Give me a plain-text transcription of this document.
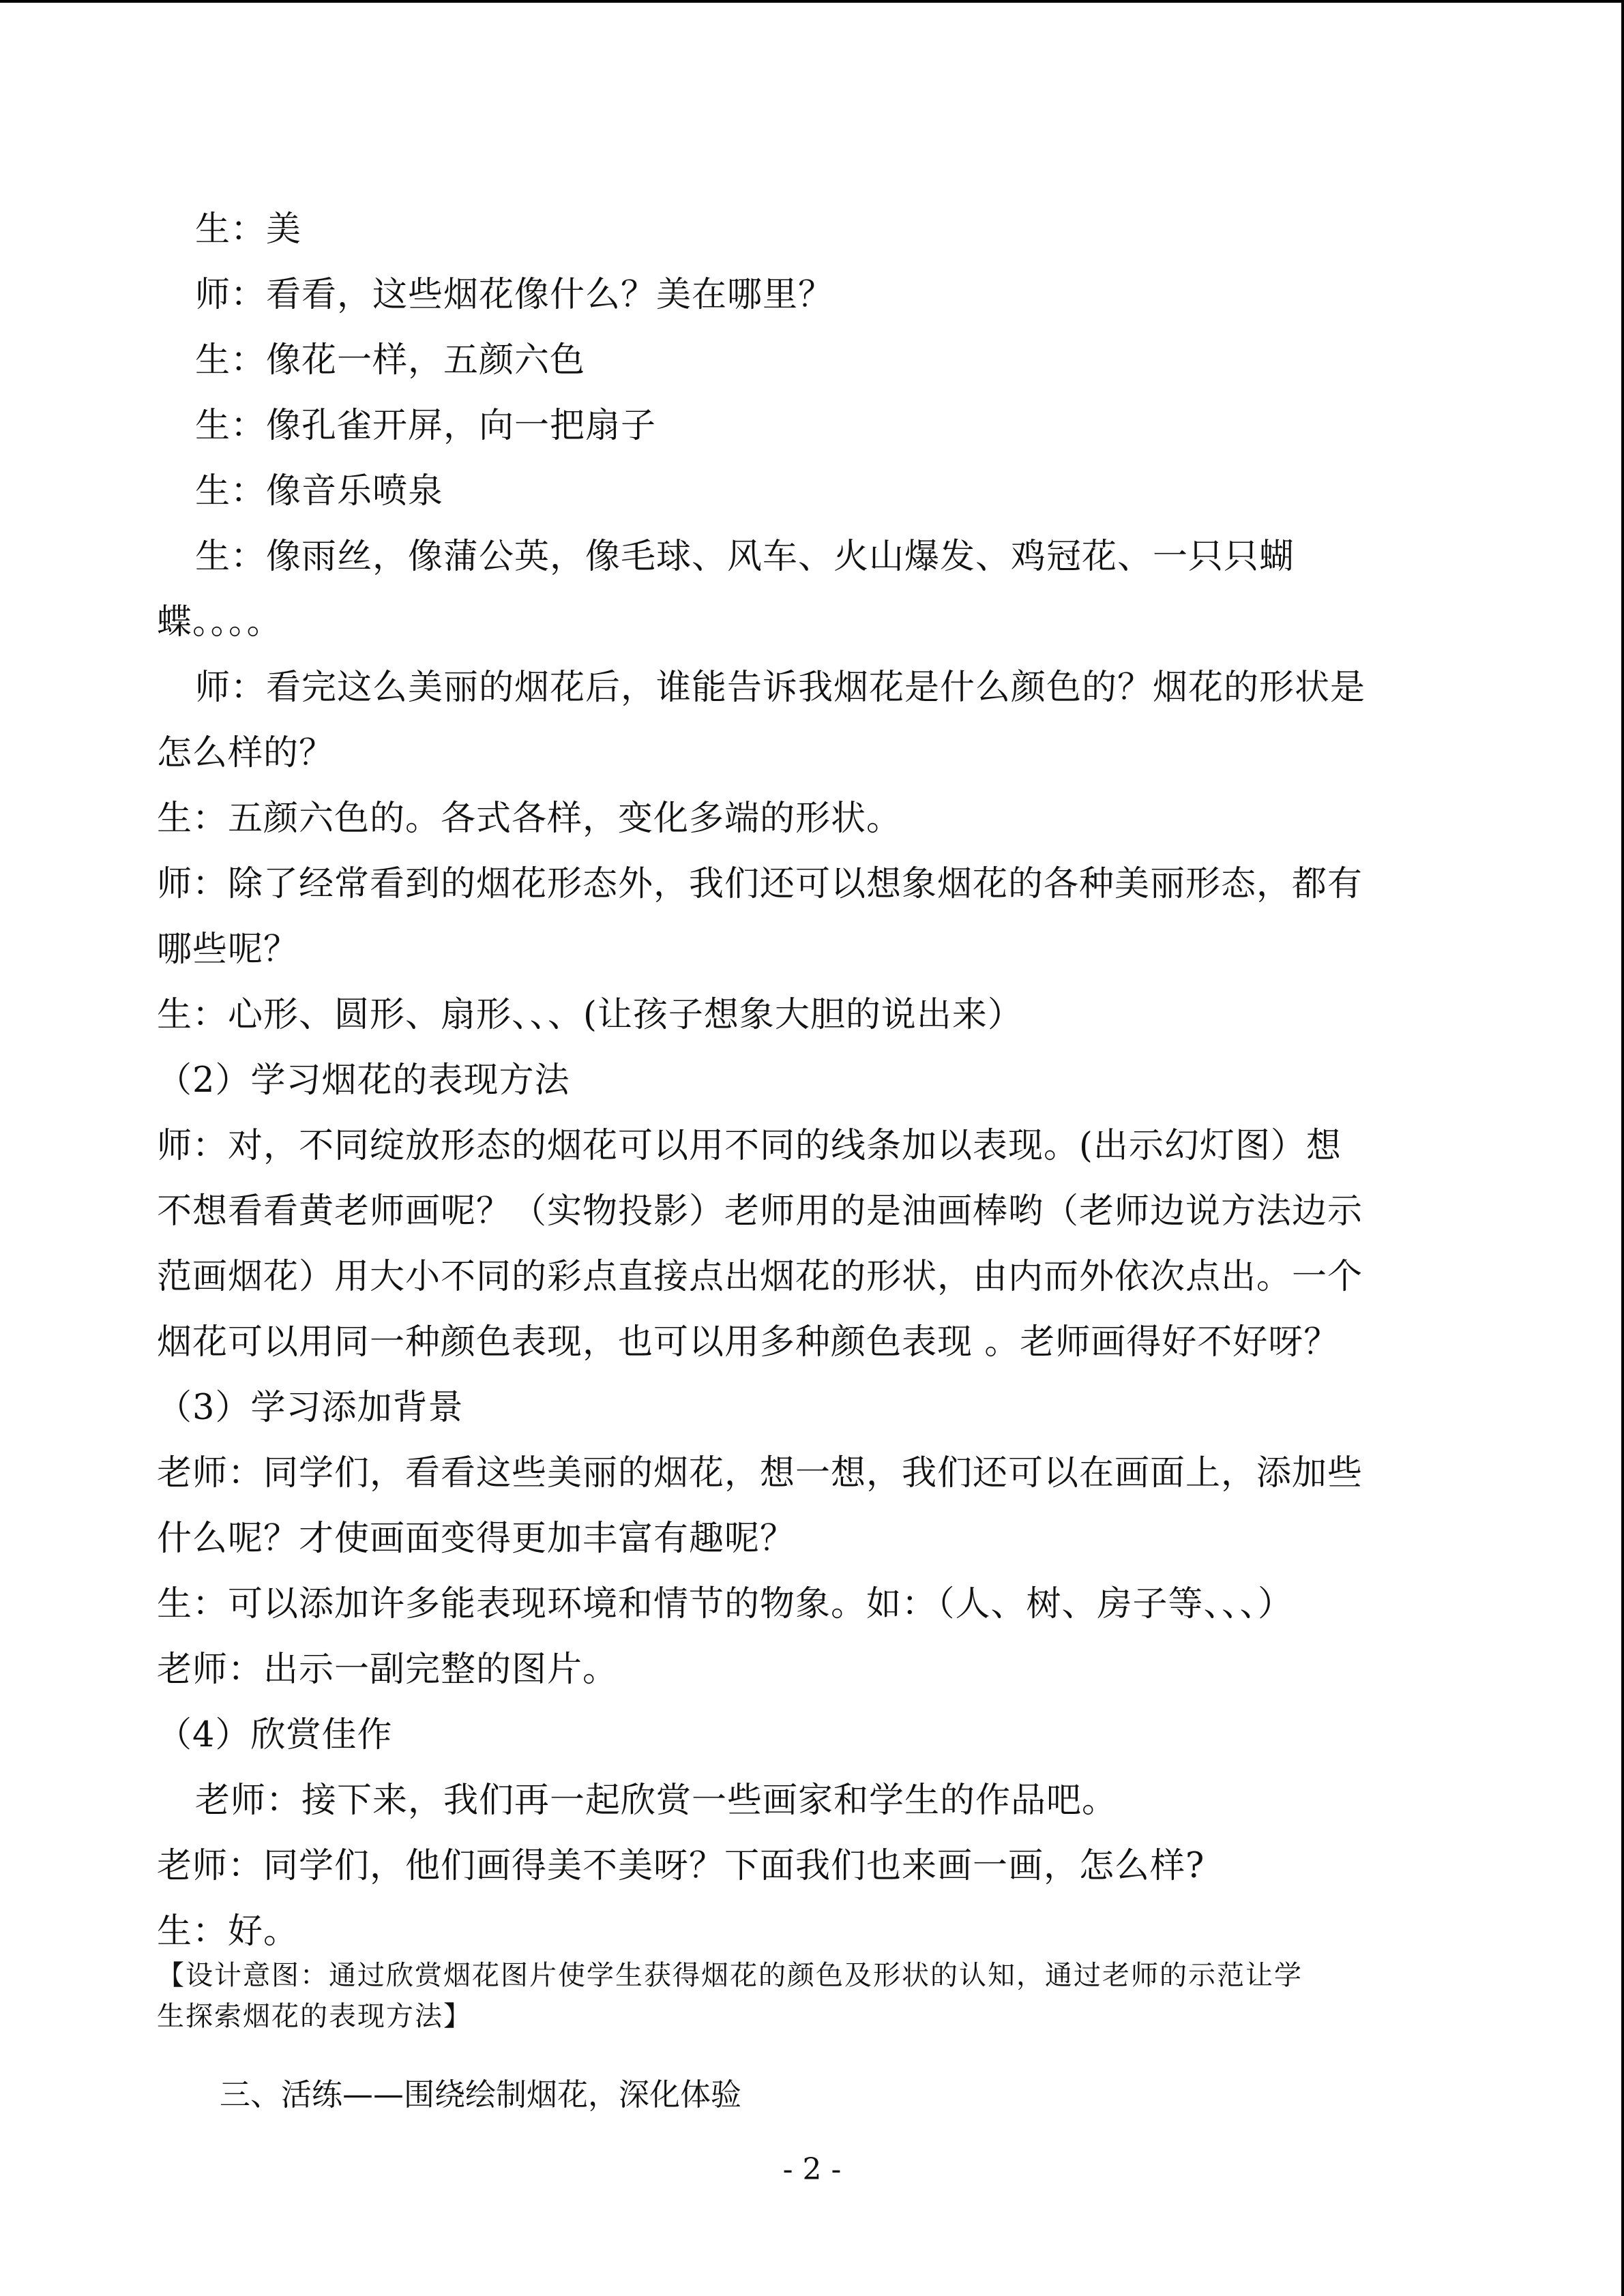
生：美
师：看看，这些烟花像什么？美在哪里？
生：像花一样，五颜六色
生：像孔雀开屏，向一把扇子
生：像音乐喷泉
生：像雨丝，像蒲公英，像毛球、风车、火山爆发、鸡冠花、一只只蝴
蝶。。。。
师：看完这么美丽的烟花后，谁能告诉我烟花是什么颜色的？烟花的形状是
怎么样的？
生：五颜六色的。各式各样，变化多端的形状。
师：除了经常看到的烟花形态外，我们还可以想象烟花的各种美丽形态，都有
哪些呢？
生：心形、圆形、扇形、、、(让孩子想象大胆的说出来）
（2）学习烟花的表现方法
师：对，不同绽放形态的烟花可以用不同的线条加以表现。(出示幻灯图）想
不想看看黄老师画呢？（实物投影）老师用的是油画棒哟（老师边说方法边示
范画烟花）用大小不同的彩点直接点出烟花的形状，由内而外依次点出。一个
烟花可以用同一种颜色表现，也可以用多种颜色表现 。老师画得好不好呀？
（3）学习添加背景
老师：同学们，看看这些美丽的烟花，想一想，我们还可以在画面上，添加些
什么呢？才使画面变得更加丰富有趣呢？
生：可以添加许多能表现环境和情节的物象。如：（人、树、房子等、、、）
老师：出示一副完整的图片。
（4）欣赏佳作
老师：接下来，我们再一起欣赏一些画家和学生的作品吧。
老师：同学们，他们画得美不美呀？下面我们也来画一画，怎么样?
生：好。
【设计意图：通过欣赏烟花图片使学生获得烟花的颜色及形状的认知，通过老师的示范让学
生探索烟花的表现方法】
三、活练——围绕绘制烟花，深化体验
- 2 -
